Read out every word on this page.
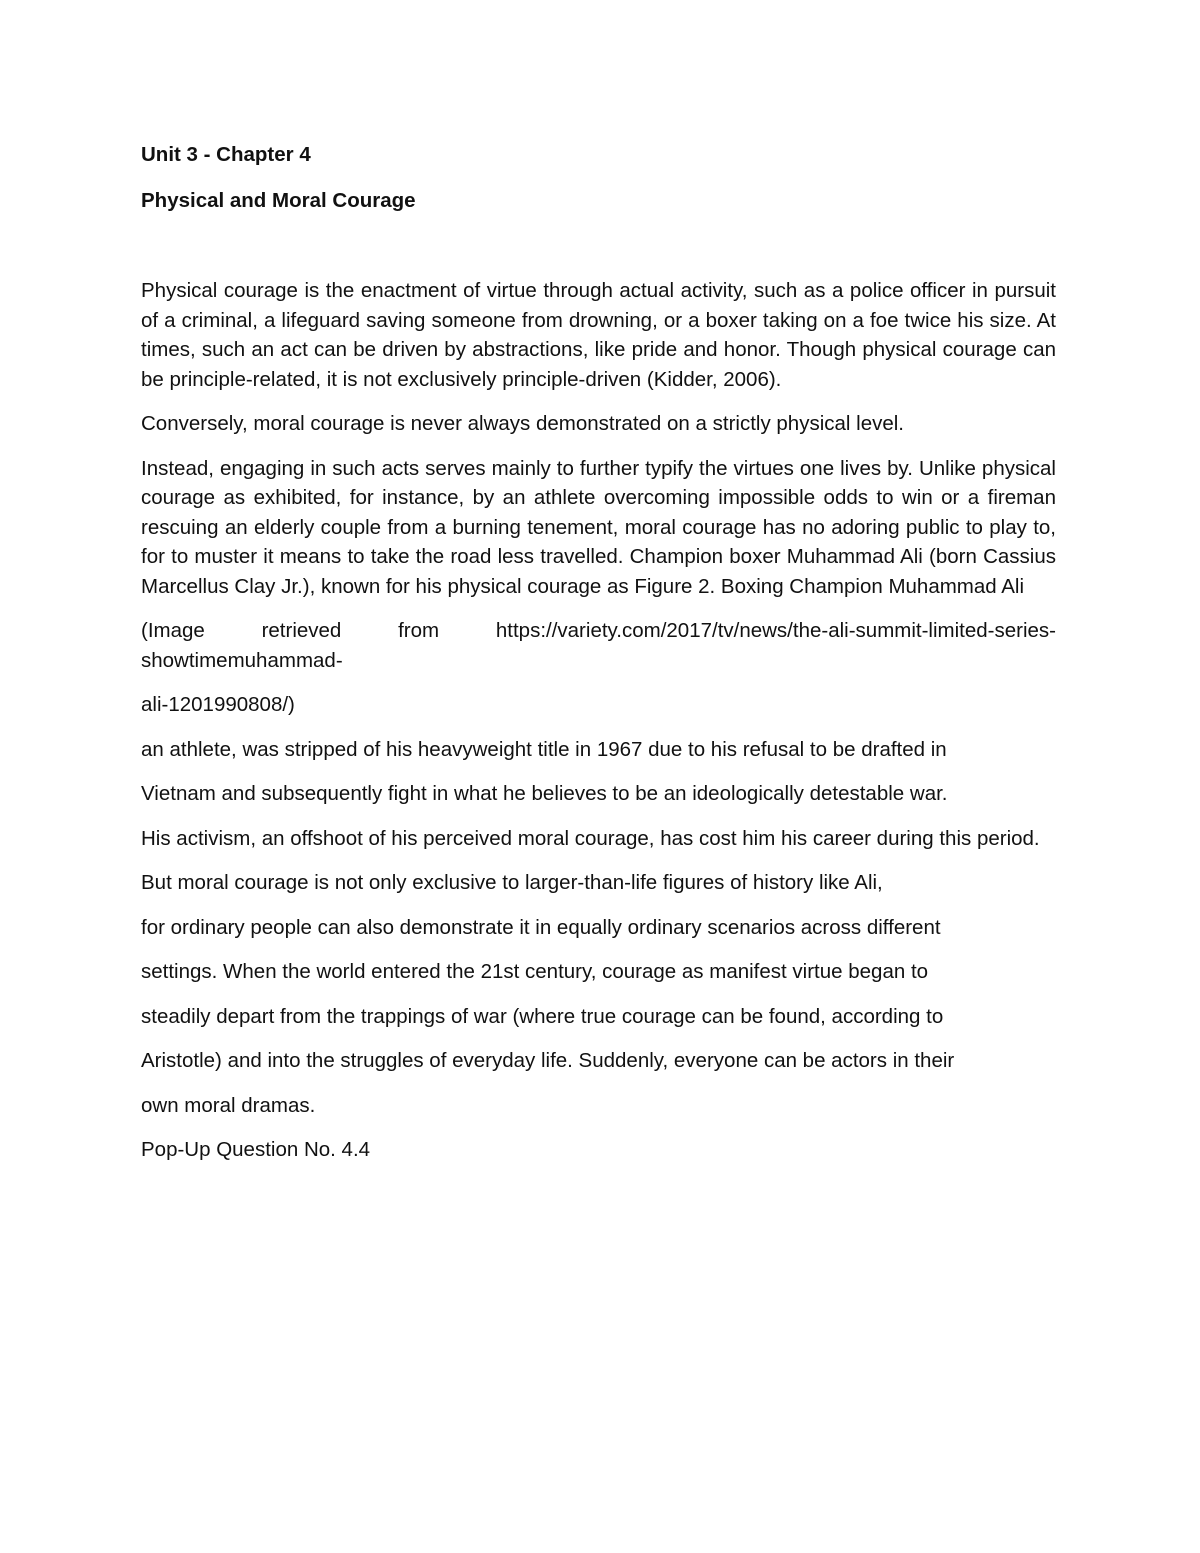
Unit 3 - Chapter 4
Physical and Moral Courage

Physical courage is the enactment of virtue through actual activity, such as a police officer in pursuit of a criminal, a lifeguard saving someone from drowning, or a boxer taking on a foe twice his size. At times, such an act can be driven by abstractions, like pride and honor. Though physical courage can be principle-related, it is not exclusively principle-driven (Kidder, 2006).

Conversely, moral courage is never always demonstrated on a strictly physical level.

Instead, engaging in such acts serves mainly to further typify the virtues one lives by. Unlike physical courage as exhibited, for instance, by an athlete overcoming impossible odds to win or a fireman rescuing an elderly couple from a burning tenement, moral courage has no adoring public to play to, for to muster it means to take the road less travelled. Champion boxer Muhammad Ali (born Cassius Marcellus Clay Jr.), known for his physical courage as Figure 2. Boxing Champion Muhammad Ali

(Image retrieved from https://variety.com/2017/tv/news/the-ali-summit-limited-series-showtimemuhammad-

ali-1201990808/)

an athlete, was stripped of his heavyweight title in 1967 due to his refusal to be drafted in

Vietnam and subsequently fight in what he believes to be an ideologically detestable war.

His activism, an offshoot of his perceived moral courage, has cost him his career during this period.

But moral courage is not only exclusive to larger-than-life figures of history like Ali,

for ordinary people can also demonstrate it in equally ordinary scenarios across different

settings. When the world entered the 21st century, courage as manifest virtue began to

steadily depart from the trappings of war (where true courage can be found, according to

Aristotle) and into the struggles of everyday life. Suddenly, everyone can be actors in their

own moral dramas.

Pop-Up Question No. 4.4
